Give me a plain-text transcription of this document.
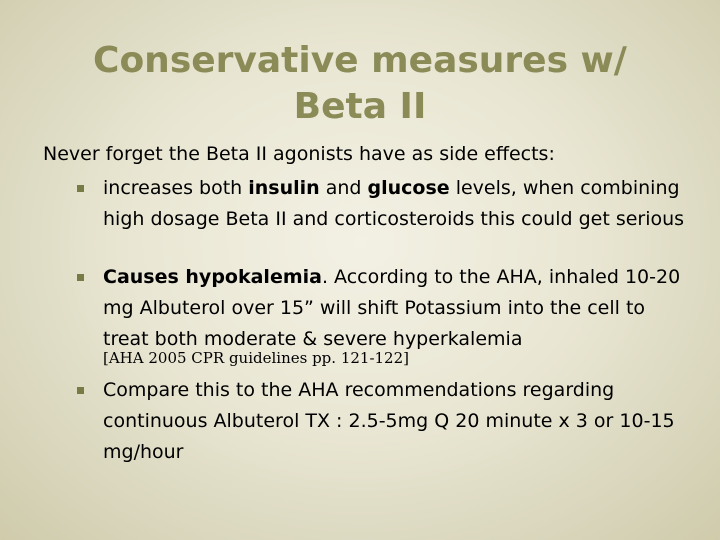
Conservative measures w/
Beta II

Never forget the Beta II agonists have as side effects:

increases both insulin and glucose levels, when combining high dosage Beta II and corticosteroids this could get serious
Causes hypokalemia. According to the AHA, inhaled 10-20 mg Albuterol over 15” will shift Potassium into the cell to treat both moderate & severe hyperkalemia
[AHA 2005 CPR guidelines pp. 121-122]
Compare this to the AHA recommendations regarding continuous Albuterol TX : 2.5-5mg Q 20 minute x 3 or 10-15 mg/hour
